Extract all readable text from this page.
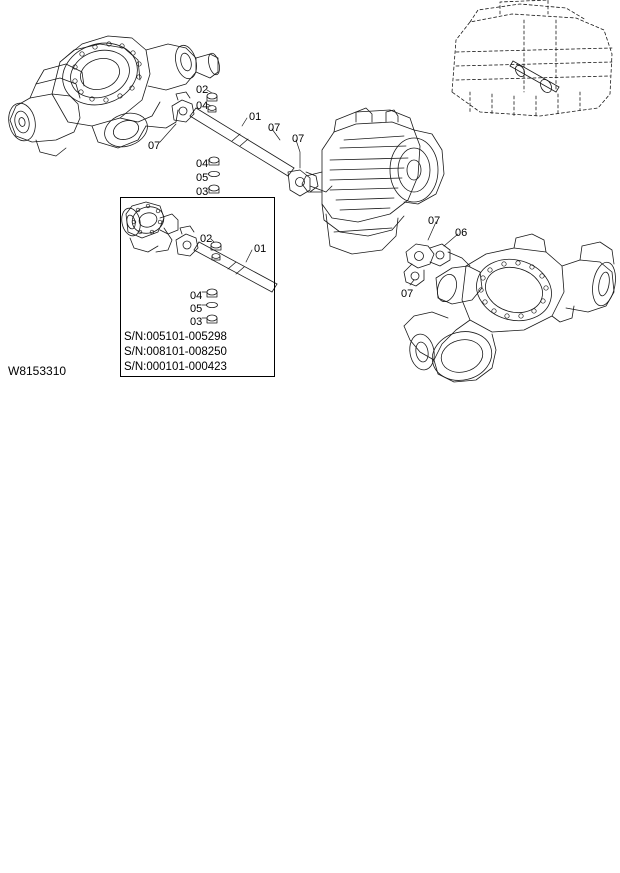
S/N:005101-005298
S/N:008101-008250
S/N:000101-000423
W8153310
02
04
01
07
07
07
04
05
03
02
01
04
05
03
07
06
07
